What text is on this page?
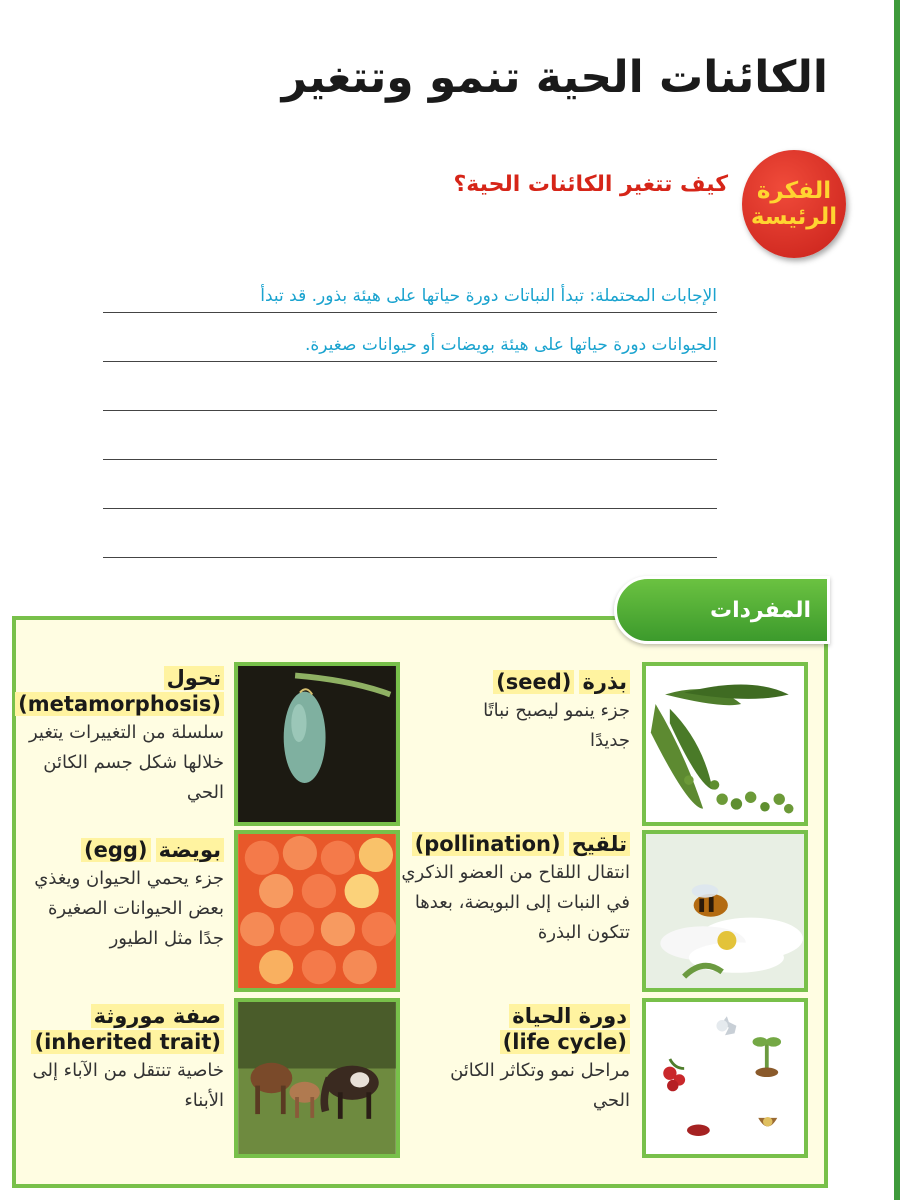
الكائنات الحية تنمو وتتغير
الفكرة
الرئيسة
كيف تتغير الكائنات الحية؟
الإجابات المحتملة: تبدأ النباتات دورة حياتها على هيئة بذور. قد تبدأ
الحيوانات دورة حياتها على هيئة بويضات أو حيوانات صغيرة.
المفردات
بذرة (seed)
جزء ينمو ليصبح نباتًا جديدًا
تلقيح (pollination)
انتقال اللقاح من العضو الذكري في النبات إلى البويضة، بعدها تتكون البذرة
دورة الحياة (life cycle)
مراحل نمو وتكاثر الكائن الحي
تحول
(metamorphosis)
سلسلة من التغييرات يتغير خلالها شكل جسم الكائن الحي
بويضة (egg)
جزء يحمي الحيوان ويغذي بعض الحيوانات الصغيرة جدًا مثل الطيور
صفة موروثة
(inherited trait)
خاصية تنتقل من الآباء إلى الأبناء
